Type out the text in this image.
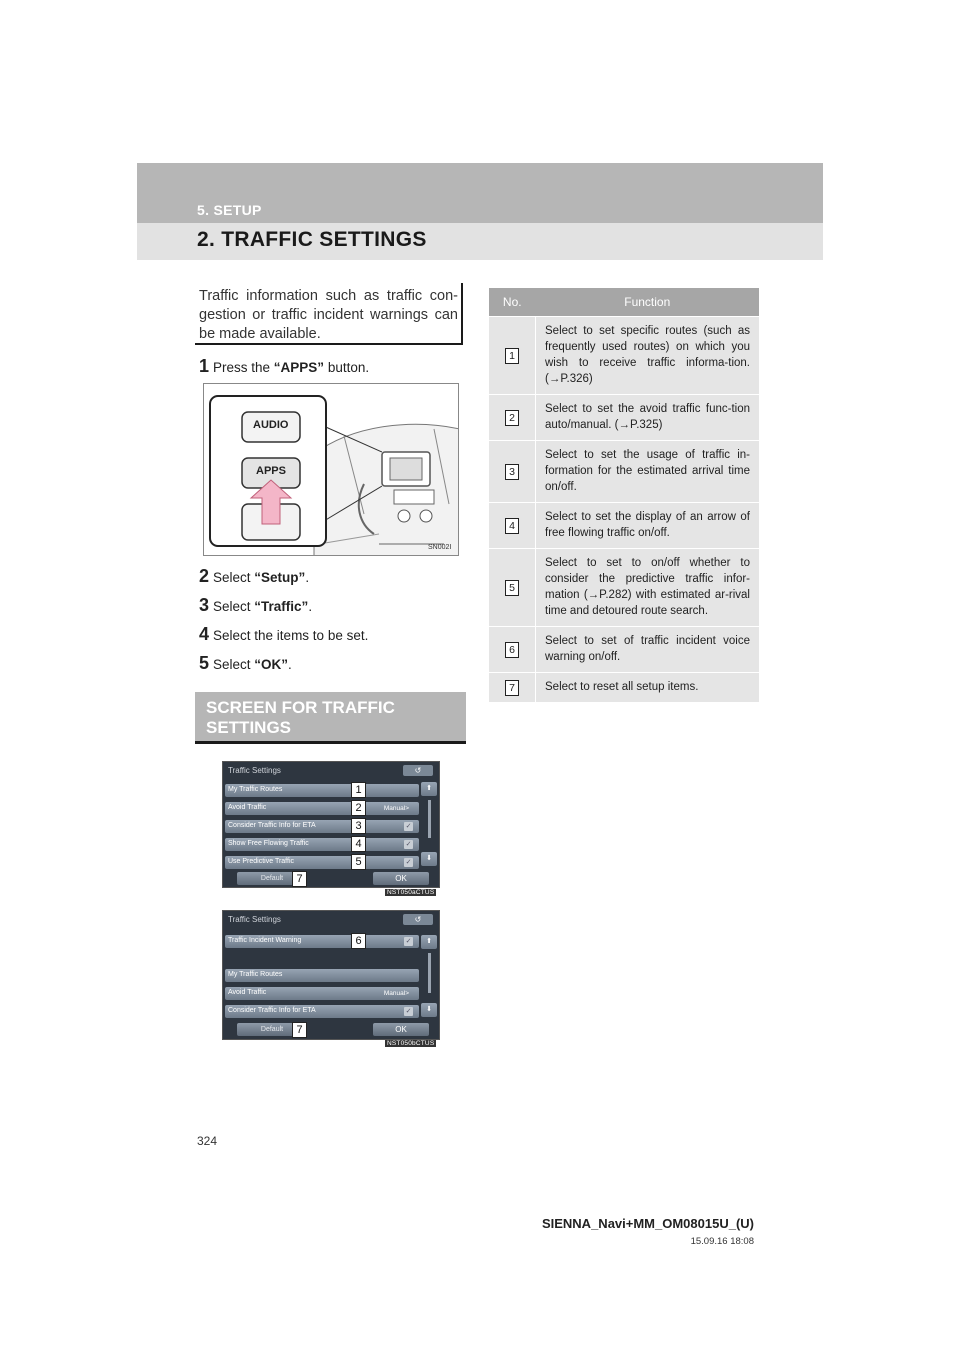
5. SETUP
2. TRAFFIC SETTINGS
Traffic information such as traffic con-gestion or traffic incident warnings can be made available.
1 Press the “APPS” button.
AUDIO
APPS
SN002I
2 Select “Setup”.
3 Select “Traffic”.
4 Select the items to be set.
5 Select “OK”.
SCREEN FOR TRAFFIC SETTINGS
Traffic Settings	↺
My Traffic Routes
Avoid Traffic	Manual>
Consider Traffic Info for ETA	✓
Show Free Flowing Traffic	✓
Use Predictive Traffic	✓
⬆
⬇
Default	OK
1
2
3
4
5
7
NST050aCTUS
Traffic Settings	↺
Traffic Incident Warning	✓
My Traffic Routes
Avoid Traffic	Manual>
Consider Traffic Info for ETA	✓
⬆
⬇
Default	OK
6
7
NST050bCTUS
No.	Function
1	Select to set specific routes (such as frequently used routes) on which you wish to receive traffic informa-tion. (→P.326)
2	Select to set the avoid traffic func-tion auto/manual. (→P.325)
3	Select to set the usage of traffic in-formation for the estimated arrival time on/off.
4	Select to set the display of an arrow of free flowing traffic on/off.
5	Select to set to on/off whether to consider the predictive traffic infor-mation (→P.282) with estimated ar-rival time and detoured route search.
6	Select to set of traffic incident voice warning on/off.
7	Select to reset all setup items.
324
SIENNA_Navi+MM_OM08015U_(U)
15.09.16 18:08
